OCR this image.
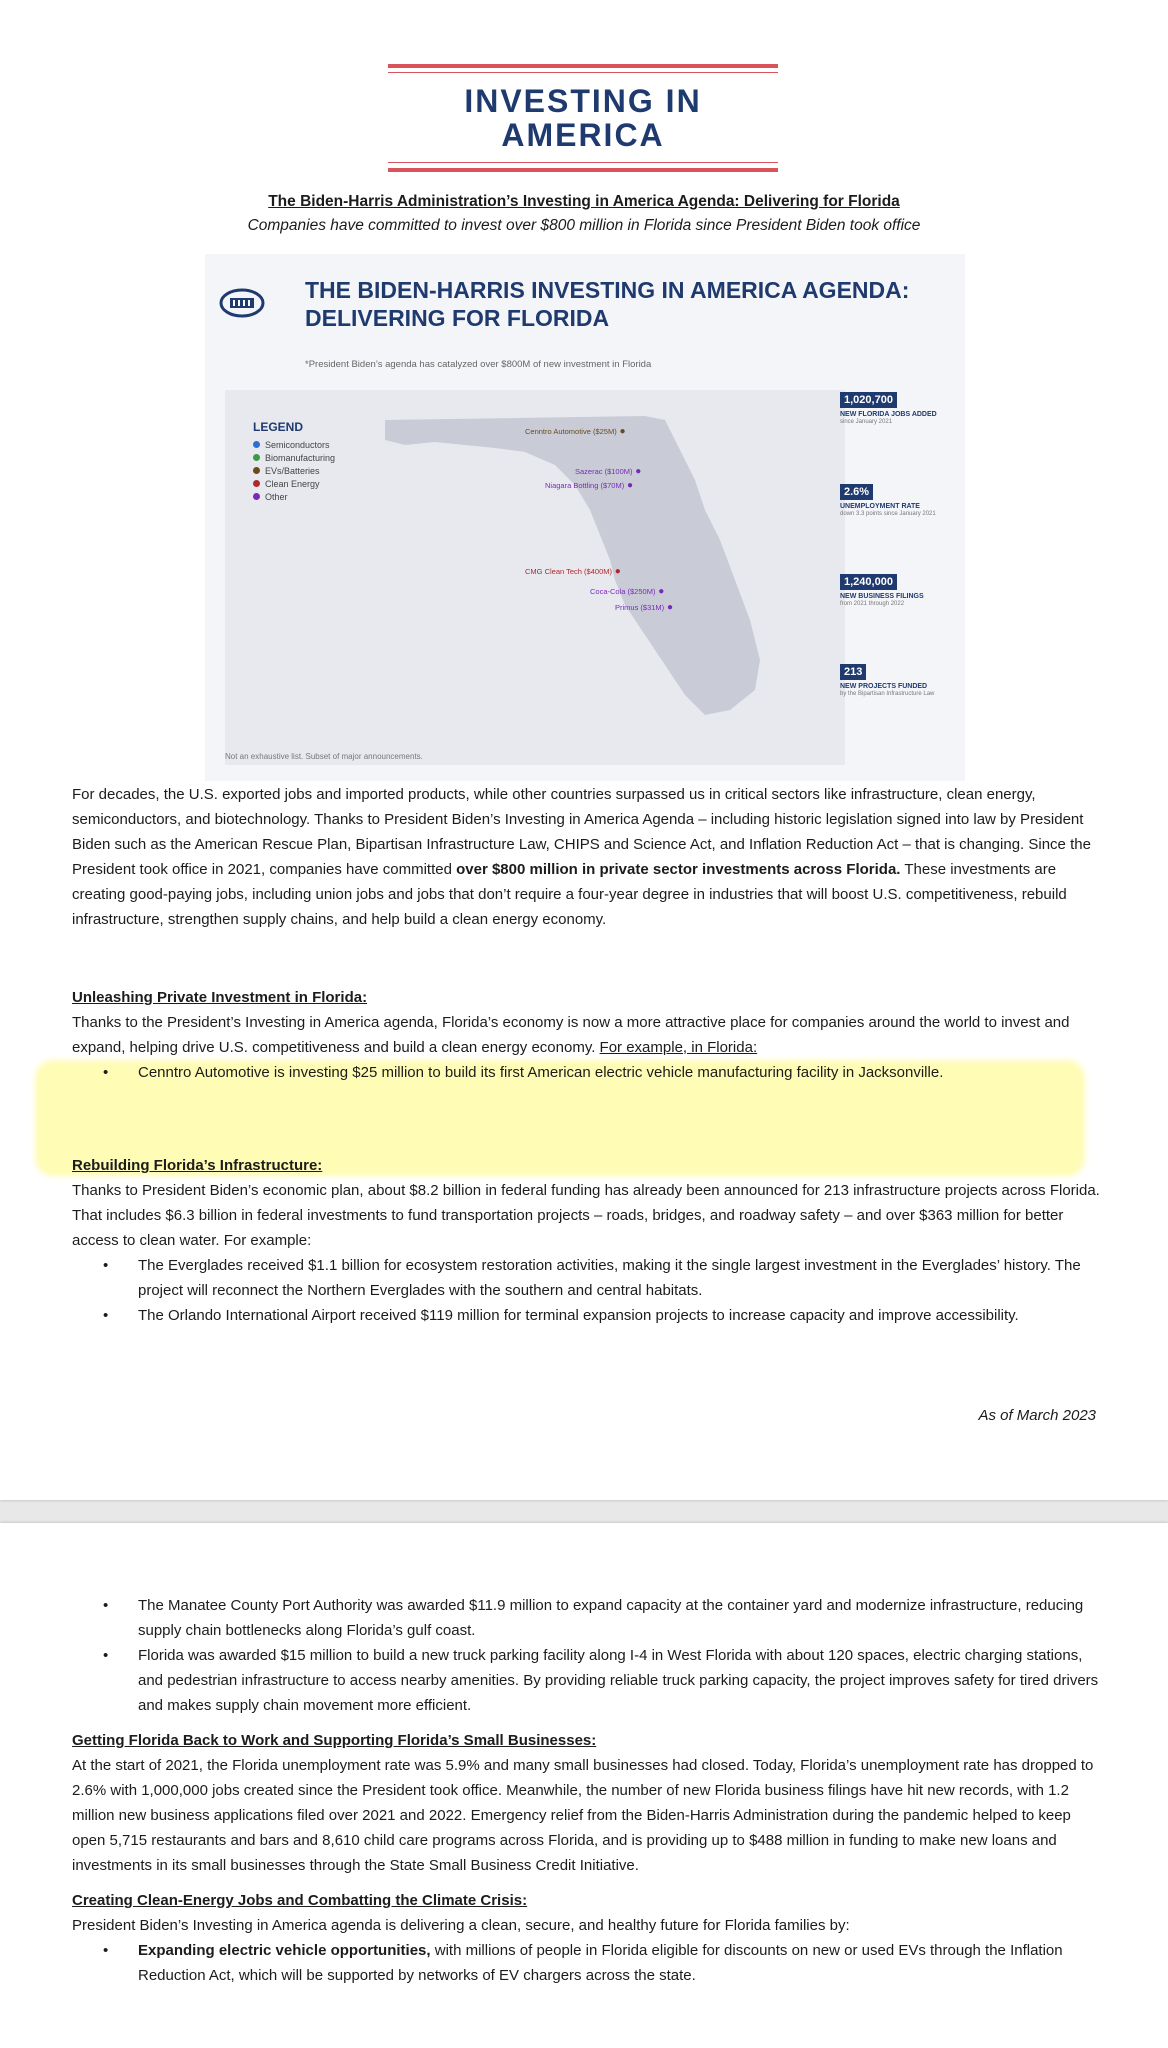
INVESTING IN
AMERICA
The Biden-Harris Administration’s Investing in America Agenda: Delivering for Florida
Companies have committed to invest over $800 million in Florida since President Biden took office
THE BIDEN-HARRIS INVESTING IN AMERICA AGENDA:
DELIVERING FOR FLORIDA
*President Biden’s agenda has catalyzed over $800M of new investment in Florida
LEGEND
Semiconductors
Biomanufacturing
EVs/Batteries
Clean Energy
Other
Cenntro Automotive ($25M) ●
Sazerac ($100M) ●
Niagara Bottling ($70M) ●
CMG Clean Tech ($400M) ●
Coca-Cola ($250M) ●
Primus ($31M) ●
Not an exhaustive list. Subset of major announcements.
1,020,700
NEW FLORIDA JOBS ADDED
since January 2021
2.6%
UNEMPLOYMENT RATE
down 3.3 points since January 2021
1,240,000
NEW BUSINESS FILINGS
from 2021 through 2022
213
NEW PROJECTS FUNDED
by the Bipartisan Infrastructure Law

For decades, the U.S. exported jobs and imported products, while other countries surpassed us in critical sectors like infrastructure, clean energy, semiconductors, and biotechnology. Thanks to President Biden’s Investing in America Agenda – including historic legislation signed into law by President Biden such as the American Rescue Plan, Bipartisan Infrastructure Law, CHIPS and Science Act, and Inflation Reduction Act – that is changing. Since the President took office in 2021, companies have committed over $800 million in private sector investments across Florida. These investments are creating good-paying jobs, including union jobs and jobs that don’t require a four-year degree in industries that will boost U.S. competitiveness, rebuild infrastructure, strengthen supply chains, and help build a clean energy economy.

Unleashing Private Investment in Florida:

Thanks to the President’s Investing in America agenda, Florida’s economy is now a more attractive place for companies around the world to invest and expand, helping drive U.S. competitiveness and build a clean energy economy. For example, in Florida:

• Cenntro Automotive is investing $25 million to build its first American electric vehicle manufacturing facility in Jacksonville.

Rebuilding Florida’s Infrastructure:

Thanks to President Biden’s economic plan, about $8.2 billion in federal funding has already been announced for 213 infrastructure projects across Florida. That includes $6.3 billion in federal investments to fund transportation projects – roads, bridges, and roadway safety – and over $363 million for better access to clean water. For example:

• The Everglades received $1.1 billion for ecosystem restoration activities, making it the single largest investment in the Everglades’ history. The project will reconnect the Northern Everglades with the southern and central habitats.
• The Orlando International Airport received $119 million for terminal expansion projects to increase capacity and improve accessibility.
As of March 2023
• The Manatee County Port Authority was awarded $11.9 million to expand capacity at the container yard and modernize infrastructure, reducing supply chain bottlenecks along Florida’s gulf coast.
• Florida was awarded $15 million to build a new truck parking facility along I-4 in West Florida with about 120 spaces, electric charging stations, and pedestrian infrastructure to access nearby amenities. By providing reliable truck parking capacity, the project improves safety for tired drivers and makes supply chain movement more efficient.

Getting Florida Back to Work and Supporting Florida’s Small Businesses:

At the start of 2021, the Florida unemployment rate was 5.9% and many small businesses had closed. Today, Florida’s unemployment rate has dropped to 2.6% with 1,000,000 jobs created since the President took office. Meanwhile, the number of new Florida business filings have hit new records, with 1.2 million new business applications filed over 2021 and 2022. Emergency relief from the Biden-Harris Administration during the pandemic helped to keep open 5,715 restaurants and bars and 8,610 child care programs across Florida, and is providing up to $488 million in funding to make new loans and investments in its small businesses through the State Small Business Credit Initiative.

Creating Clean-Energy Jobs and Combatting the Climate Crisis:

President Biden’s Investing in America agenda is delivering a clean, secure, and healthy future for Florida families by:

• Expanding electric vehicle opportunities, with millions of people in Florida eligible for discounts on new or used EVs through the Inflation Reduction Act, which will be supported by networks of EV chargers across the state.
